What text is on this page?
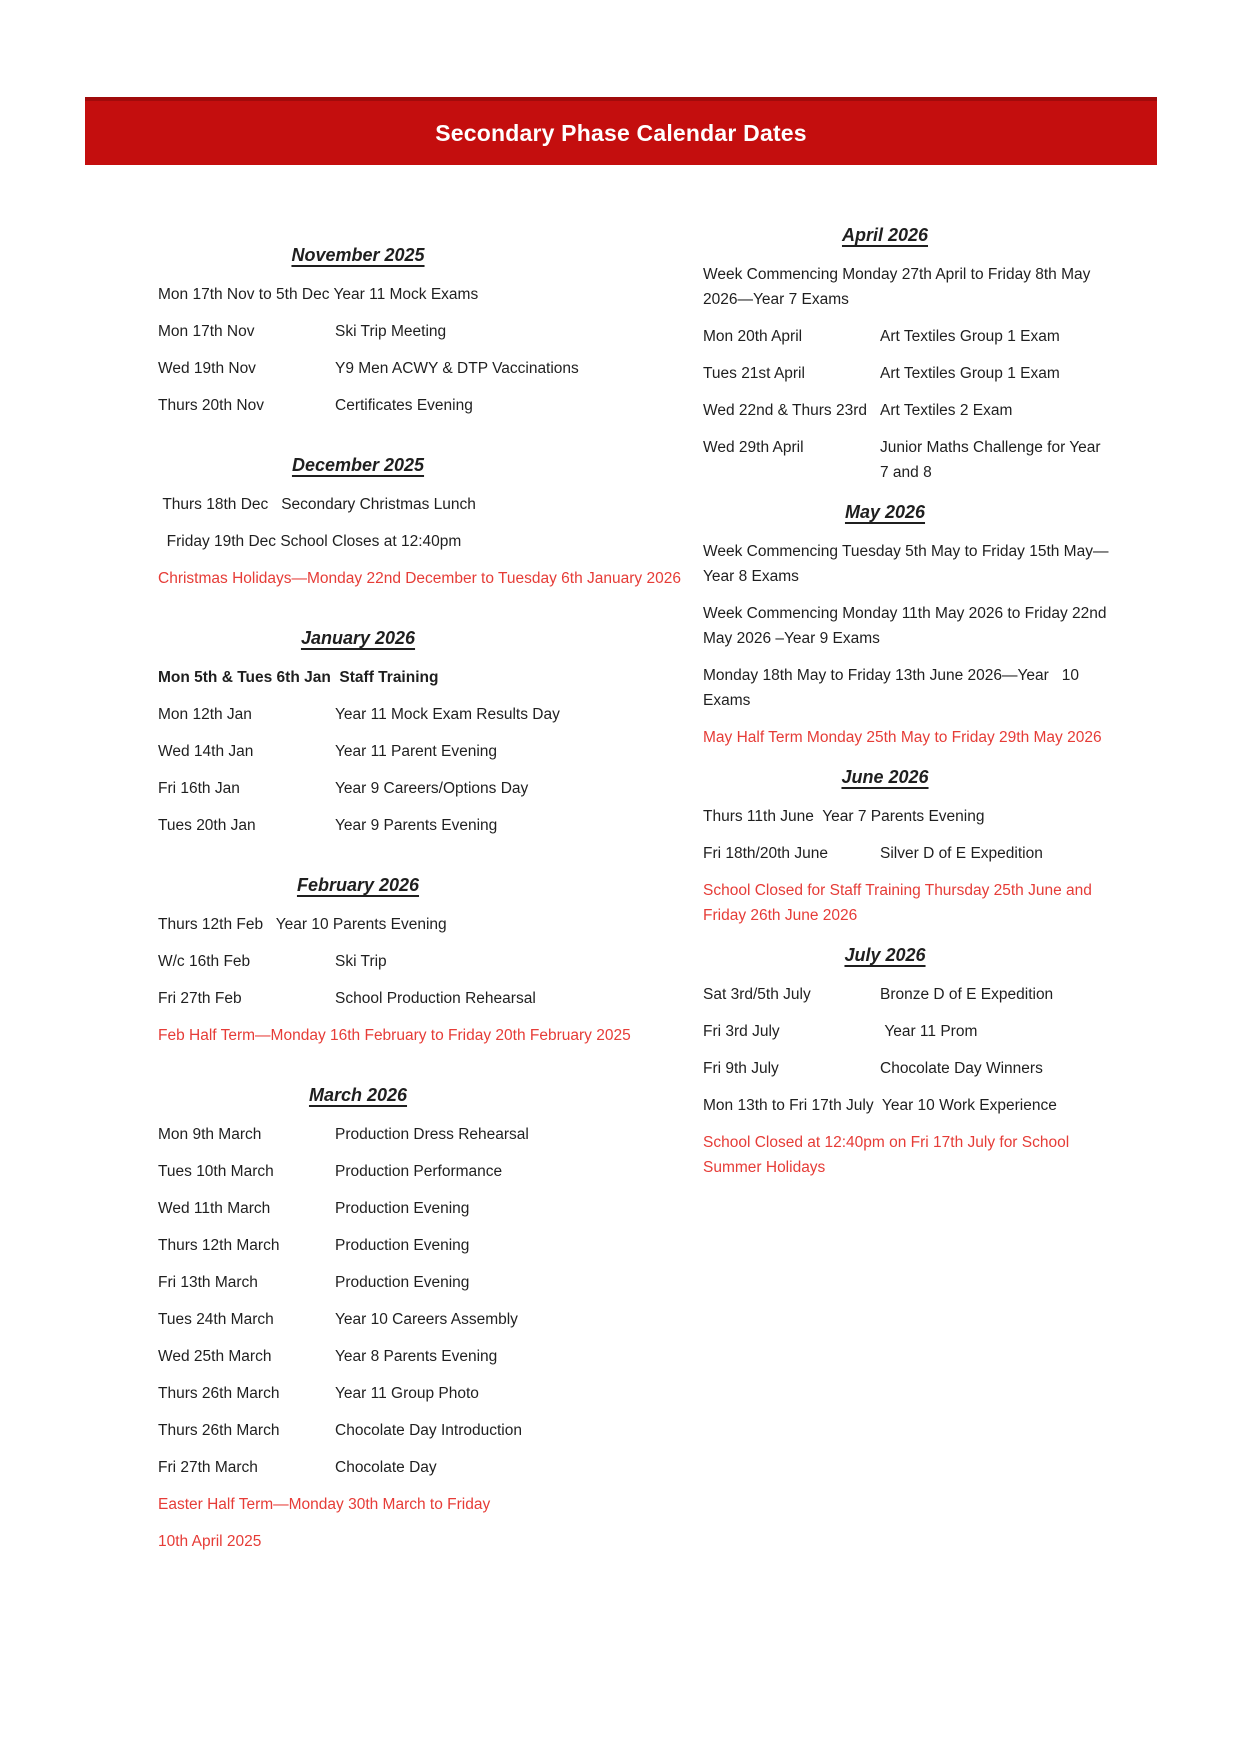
Secondary Phase Calendar Dates
November 2025
Mon 17th Nov to 5th Dec Year 11 Mock Exams
Mon 17th Nov	Ski Trip Meeting
Wed 19th Nov	Y9 Men ACWY & DTP Vaccinations
Thurs 20th Nov	Certificates Evening
December 2025
Thurs 18th Dec   Secondary Christmas Lunch
Friday 19th Dec School Closes at 12:40pm
Christmas Holidays—Monday 22nd December to Tuesday 6th January 2026
January 2026
Mon 5th & Tues 6th Jan  Staff Training
Mon 12th Jan	Year 11 Mock Exam Results Day
Wed 14th Jan	Year 11 Parent Evening
Fri 16th Jan	Year 9 Careers/Options Day
Tues 20th Jan	Year 9 Parents Evening
February 2026
Thurs 12th Feb   Year 10 Parents Evening
W/c 16th Feb	Ski Trip
Fri 27th Feb	School Production Rehearsal
Feb Half Term—Monday 16th February to Friday 20th February 2025
March 2026
Mon 9th March	Production Dress Rehearsal
Tues 10th March	Production Performance
Wed 11th March	Production Evening
Thurs 12th March	Production Evening
Fri 13th March	Production Evening
Tues 24th March	Year 10 Careers Assembly
Wed 25th March	Year 8 Parents Evening
Thurs 26th March	Year 11 Group Photo
Thurs 26th March	Chocolate Day Introduction
Fri 27th March	Chocolate Day
Easter Half Term—Monday 30th March to Friday
10th April 2025
April 2026
Week Commencing Monday 27th April to Friday 8th May 2026—Year 7 Exams
Mon 20th April	Art Textiles Group 1 Exam
Tues 21st April	Art Textiles Group 1 Exam
Wed 22nd & Thurs 23rd Art Textiles 2 Exam
Wed 29th April	Junior Maths Challenge for Year 7 and 8
May 2026
Week Commencing Tuesday 5th May to Friday 15th May—Year 8 Exams
Week Commencing Monday 11th May 2026 to Friday 22nd May 2026 –Year 9 Exams
Monday 18th May to Friday 13th June 2026—Year   10 Exams
May Half Term Monday 25th May to Friday 29th May 2026
June 2026
Thurs 11th June  Year 7 Parents Evening
Fri 18th/20th June	Silver D of E Expedition
School Closed for Staff Training Thursday 25th June and Friday 26th June 2026
July 2026
Sat 3rd/5th July	Bronze D of E Expedition
Fri 3rd July	Year 11 Prom
Fri 9th July	Chocolate Day Winners
Mon 13th to Fri 17th July  Year 10 Work Experience
School Closed at 12:40pm on Fri 17th July for School Summer Holidays
